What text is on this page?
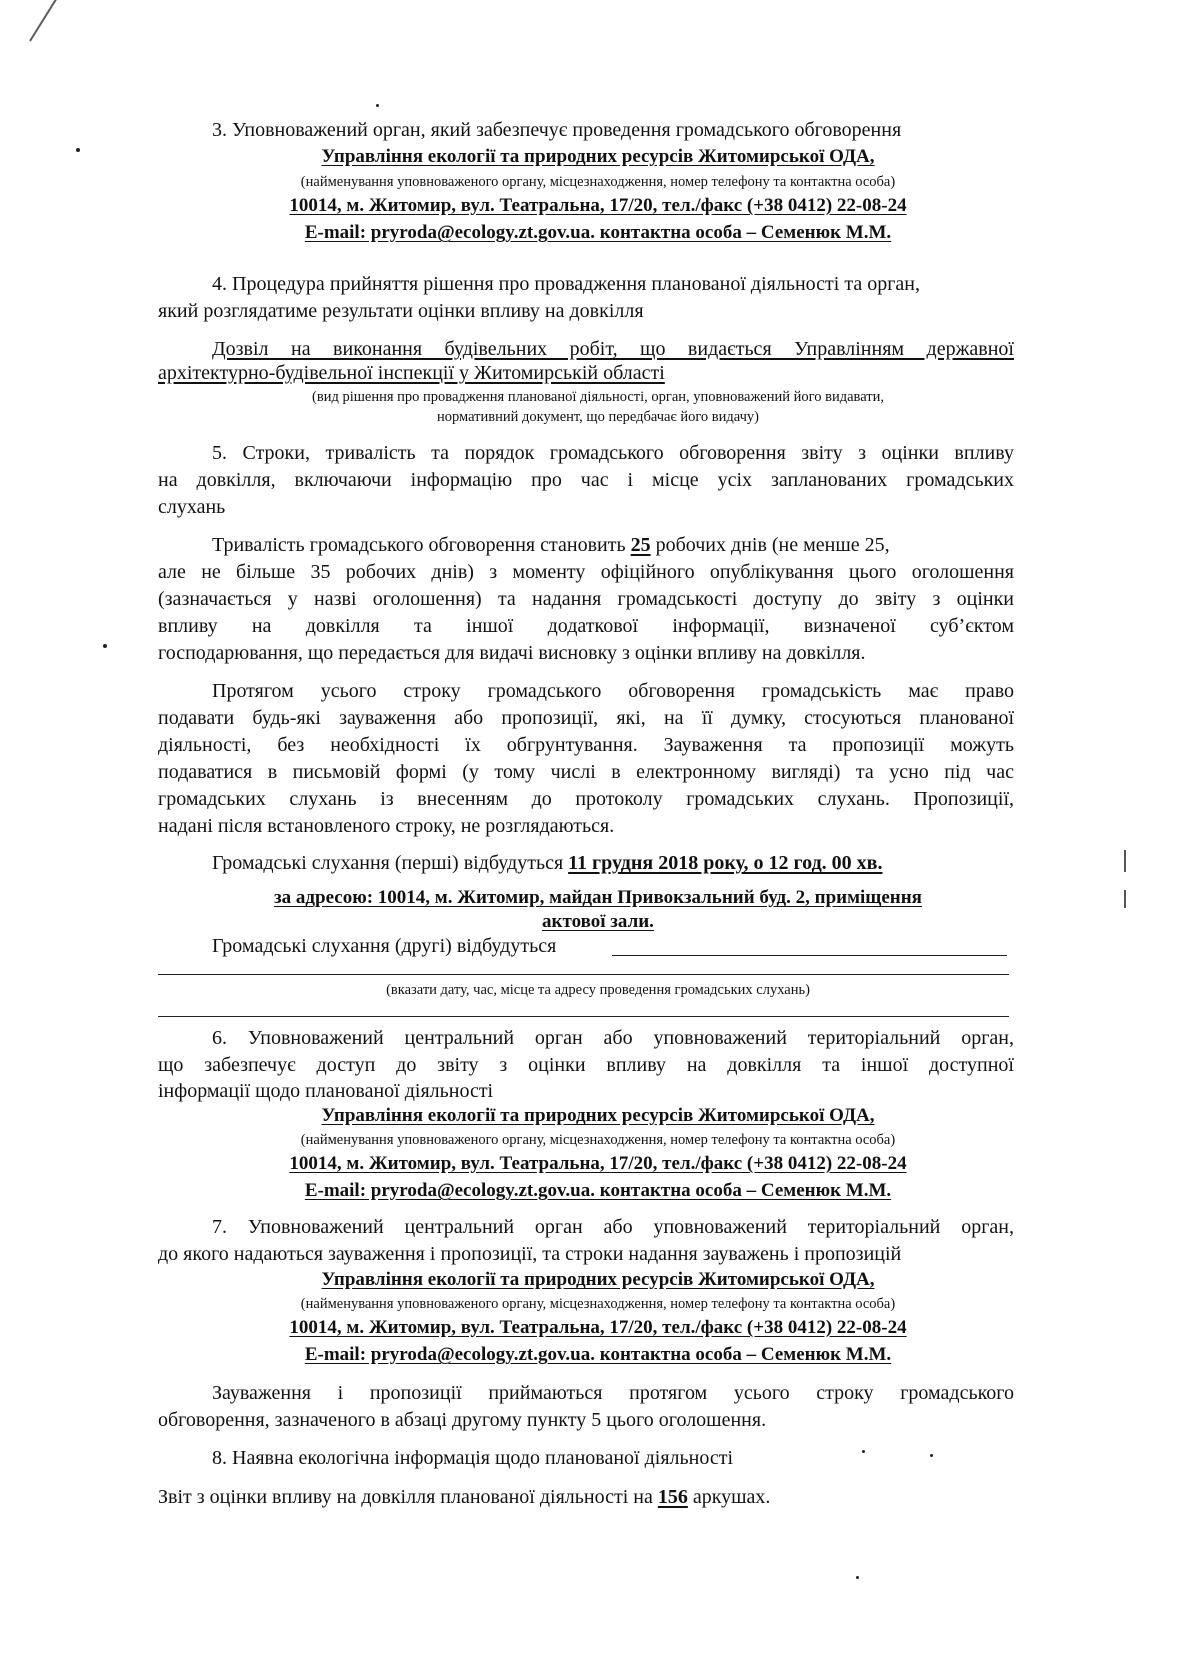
3. Уповноважений орган, який забезпечує проведення громадського обговорення
Управління екології та природних ресурсів Житомирської ОДА,
(найменування уповноваженого органу, місцезнаходження, номер телефону та контактна особа)
10014, м. Житомир, вул. Театральна, 17/20, тел./факс (+38 0412) 22-08-24
E-mail: pryroda@ecology.zt.gov.ua. контактна особа – Семенюк М.М.
4. Процедура прийняття рішення про провадження планованої діяльності та орган,
який розглядатиме результати оцінки впливу на довкілля
Дозвіл на виконання будівельних робіт, що видається Управлінням державної
архітектурно-будівельної інспекції у Житомирській області
(вид рішення про провадження планованої діяльності, орган, уповноважений його видавати,
нормативний документ, що передбачає його видачу)
5. Строки, тривалість та порядок громадського обговорення звіту з оцінки впливу
на довкілля, включаючи інформацію про час і місце усіх запланованих громадських
слухань
Тривалість громадського обговорення становить 25 робочих днів (не менше 25,
але не більше 35 робочих днів) з моменту офіційного опублікування цього оголошення
(зазначається у назві оголошення) та надання громадськості доступу до звіту з оцінки
впливу на довкілля та іншої додаткової інформації, визначеної суб’єктом
господарювання, що передається для видачі висновку з оцінки впливу на довкілля.
Протягом усього строку громадського обговорення громадськість має право
подавати будь-які зауваження або пропозиції, які, на її думку, стосуються планованої
діяльності, без необхідності їх обгрунтування. Зауваження та пропозиції можуть
подаватися в письмовій формі (у тому числі в електронному вигляді) та усно під час
громадських слухань із внесенням до протоколу громадських слухань. Пропозиції,
надані після встановленого строку, не розглядаються.
Громадські слухання (перші) відбудуться 11 грудня 2018 року, о 12 год. 00 хв.
за адресою: 10014, м. Житомир, майдан Привокзальний буд. 2, приміщення
актової зали.
Громадські слухання (другі) відбудуться
(вказати дату, час, місце та адресу проведення громадських слухань)
6. Уповноважений центральний орган або уповноважений територіальний орган,
що забезпечує доступ до звіту з оцінки впливу на довкілля та іншої доступної
інформації щодо планованої діяльності
Управління екології та природних ресурсів Житомирської ОДА,
(найменування уповноваженого органу, місцезнаходження, номер телефону та контактна особа)
10014, м. Житомир, вул. Театральна, 17/20, тел./факс (+38 0412) 22-08-24
E-mail: pryroda@ecology.zt.gov.ua. контактна особа – Семенюк М.М.
7. Уповноважений центральний орган або уповноважений територіальний орган,
до якого надаються зауваження і пропозиції, та строки надання зауважень і пропозицій
Управління екології та природних ресурсів Житомирської ОДА,
(найменування уповноваженого органу, місцезнаходження, номер телефону та контактна особа)
10014, м. Житомир, вул. Театральна, 17/20, тел./факс (+38 0412) 22-08-24
E-mail: pryroda@ecology.zt.gov.ua. контактна особа – Семенюк М.М.
Зауваження і пропозиції приймаються протягом усього строку громадського
обговорення, зазначеного в абзаці другому пункту 5 цього оголошення.
8. Наявна екологічна інформація щодо планованої діяльності
Звіт з оцінки впливу на довкілля планованої діяльності на 156 аркушах.
